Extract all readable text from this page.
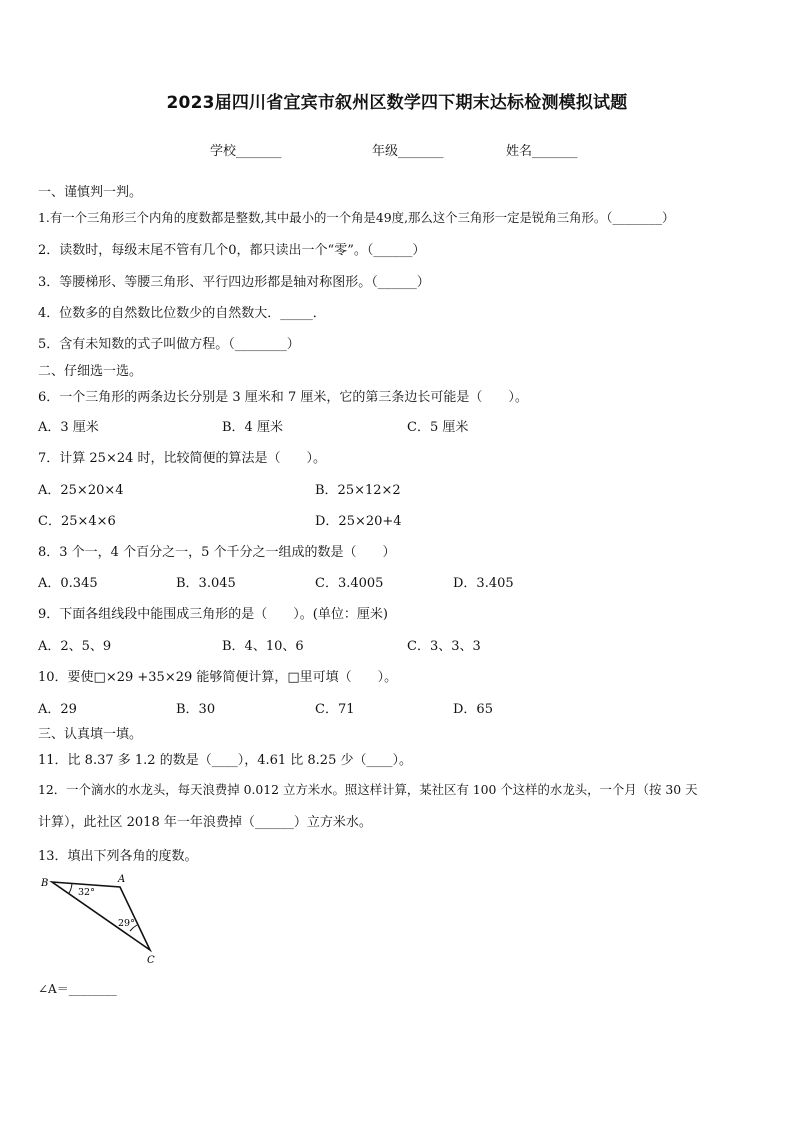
2023届四川省宜宾市叙州区数学四下期末达标检测模拟试题
学校_______	年级_______	姓名_______
一、谨慎判一判。
1.有一个三角形三个内角的度数都是整数,其中最小的一个角是49度,那么这个三角形一定是锐角三角形。（________）
2．读数时，每级末尾不管有几个0，都只读出一个“零”。（______）
3．等腰梯形、等腰三角形、平行四边形都是轴对称图形。（______）
4．位数多的自然数比位数少的自然数大．_____．
5．含有未知数的式子叫做方程。（________）
二、仔细选一选。
6．一个三角形的两条边长分别是 3 厘米和 7 厘米，它的第三条边长可能是（　　）。
A．3 厘米	B．4 厘米	C．5 厘米
7．计算 25×24 时，比较简便的算法是（　　）。
A．25×20×4	B．25×12×2
C．25×4×6	D．25×20+4
8．3 个一，4 个百分之一，5 个千分之一组成的数是（　　）
A．0.345	B．3.045	C．3.4005	D．3.405
9．下面各组线段中能围成三角形的是（　　）。(单位：厘米)
A．2、5、9	B．4、10、6	C．3、3、3
10．要使□×29 +35×29 能够简便计算，□里可填（　　）。
A．29	B．30	C．71	D．65
三、认真填一填。
11．比 8.37 多 1.2 的数是（____），4.61 比 8.25 少（____）。
12．一个滴水的水龙头，每天浪费掉 0.012 立方米水。照这样计算，某社区有 100 个这样的水龙头，一个月（按 30 天
计算），此社区 2018 年一年浪费掉（______）立方米水。
13．填出下列各角的度数。
B	A
C
32°
29°
∠A＝________
